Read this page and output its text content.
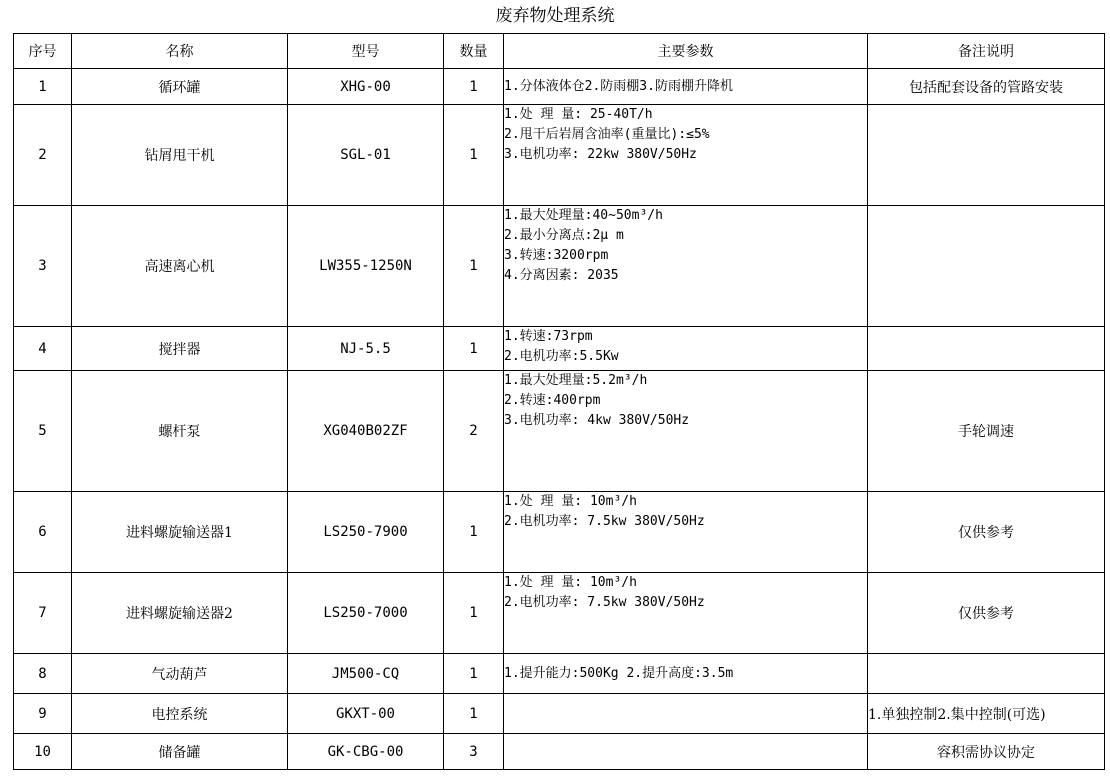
废弃物处理系统
序号	名称	型号	数量	主要参数	备注说明
1	循环罐	XHG-00	1	1.分体液体仓2.防雨棚3.防雨棚升降机	包括配套设备的管路安装
2	钻屑甩干机	SGL-01	1	1.处 理 量: 25-40T/h
2.甩干后岩屑含油率(重量比):≤5%
3.电机功率: 22kw 380V/50Hz	

3	高速离心机	LW355-1250N	1	1.最大处理量:40~50m³/h
2.最小分离点:2μ m
3.转速:3200rpm
4.分离因素: 2035	

4	搅拌器	NJ-5.5	1	1.转速:73rpm
2.电机功率:5.5Kw	

5	螺杆泵	XG040B02ZF	2	1.最大处理量:5.2m³/h
2.转速:400rpm
3.电机功率: 4kw 380V/50Hz	手轮调速
6	进料螺旋输送器1	LS250-7900	1	1.处 理 量: 10m³/h
2.电机功率: 7.5kw 380V/50Hz	仅供参考
7	进料螺旋输送器2	LS250-7000	1	1.处 理 量: 10m³/h
2.电机功率: 7.5kw 380V/50Hz	仅供参考
8	气动葫芦	JM500-CQ	1	1.提升能力:500Kg 2.提升高度:3.5m	

9	电控系统	GKXT-00	1		1.单独控制2.集中控制(可选)
10	储备罐	GK-CBG-00	3		容积需协议协定
